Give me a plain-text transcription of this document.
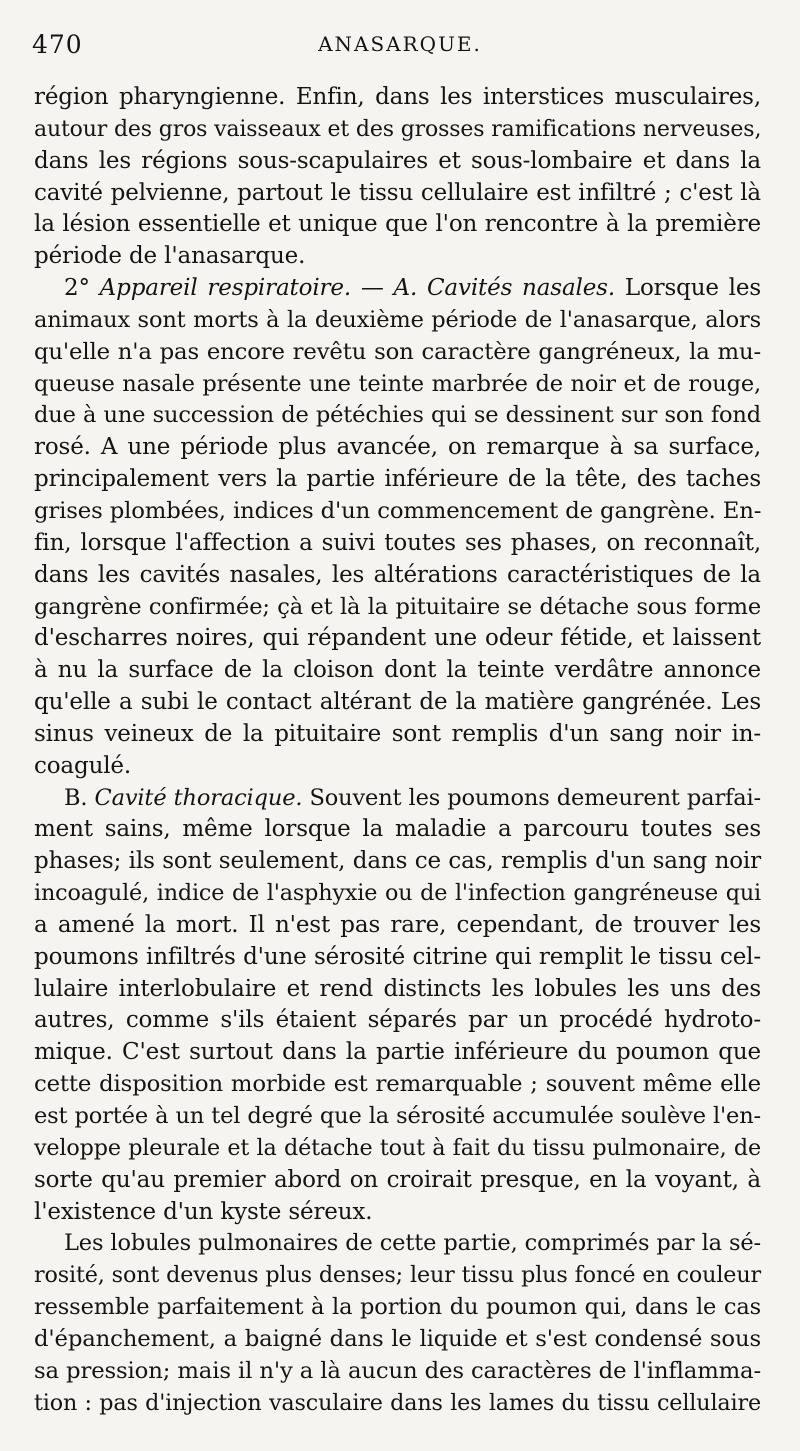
470	ANASARQUE.
région pharyngienne. Enfin, dans les interstices musculaires,
autour des gros vaisseaux et des grosses ramifications nerveuses,
dans les régions sous-scapulaires et sous-lombaire et dans la
cavité pelvienne, partout le tissu cellulaire est infiltré ; c'est là
la lésion essentielle et unique que l'on rencontre à la première
période de l'anasarque.
2° Appareil respiratoire. — A. Cavités nasales. Lorsque les
animaux sont morts à la deuxième période de l'anasarque, alors
qu'elle n'a pas encore revêtu son caractère gangréneux, la mu-
queuse nasale présente une teinte marbrée de noir et de rouge,
due à une succession de pétéchies qui se dessinent sur son fond
rosé. A une période plus avancée, on remarque à sa surface,
principalement vers la partie inférieure de la tête, des taches
grises plombées, indices d'un commencement de gangrène. En-
fin, lorsque l'affection a suivi toutes ses phases, on reconnaît,
dans les cavités nasales, les altérations caractéristiques de la
gangrène confirmée; çà et là la pituitaire se détache sous forme
d'escharres noires, qui répandent une odeur fétide, et laissent
à nu la surface de la cloison dont la teinte verdâtre annonce
qu'elle a subi le contact altérant de la matière gangrénée. Les
sinus veineux de la pituitaire sont remplis d'un sang noir in-
coagulé.
B. Cavité thoracique. Souvent les poumons demeurent parfai-
ment sains, même lorsque la maladie a parcouru toutes ses
phases; ils sont seulement, dans ce cas, remplis d'un sang noir
incoagulé, indice de l'asphyxie ou de l'infection gangréneuse qui
a amené la mort. Il n'est pas rare, cependant, de trouver les
poumons infiltrés d'une sérosité citrine qui remplit le tissu cel-
lulaire interlobulaire et rend distincts les lobules les uns des
autres, comme s'ils étaient séparés par un procédé hydroto-
mique. C'est surtout dans la partie inférieure du poumon que
cette disposition morbide est remarquable ; souvent même elle
est portée à un tel degré que la sérosité accumulée soulève l'en-
veloppe pleurale et la détache tout à fait du tissu pulmonaire, de
sorte qu'au premier abord on croirait presque, en la voyant, à
l'existence d'un kyste séreux.
Les lobules pulmonaires de cette partie, comprimés par la sé-
rosité, sont devenus plus denses; leur tissu plus foncé en couleur
ressemble parfaitement à la portion du poumon qui, dans le cas
d'épanchement, a baigné dans le liquide et s'est condensé sous
sa pression; mais il n'y a là aucun des caractères de l'inflamma-
tion : pas d'injection vasculaire dans les lames du tissu cellulaire
